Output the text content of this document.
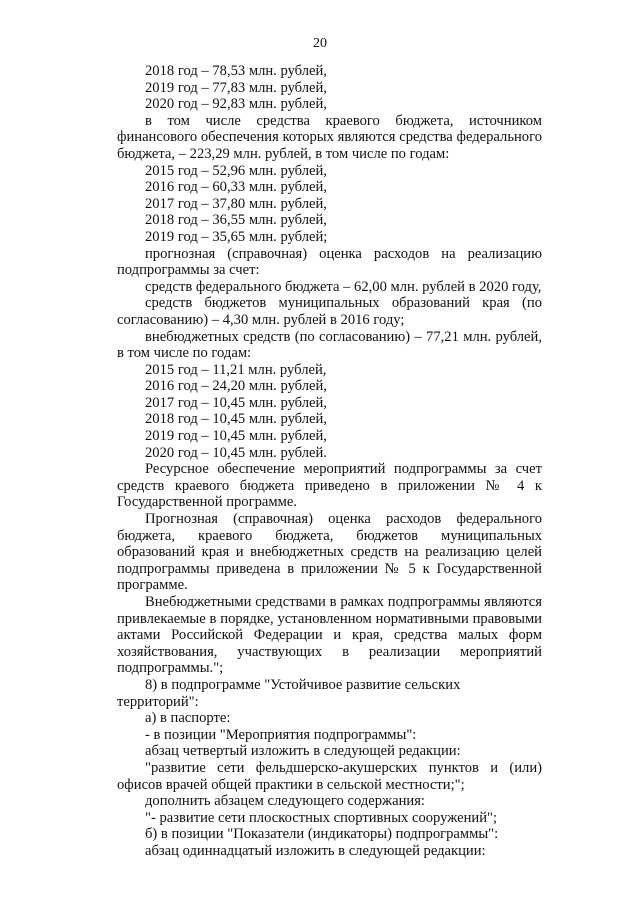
20

2018 год – 78,53 млн. рублей,

2019 год – 77,83 млн. рублей,

2020 год – 92,83 млн. рублей,

в том числе средства краевого бюджета, источником финансового обеспечения которых являются средства федерального бюджета, – 223,29 млн. рублей, в том числе по годам:

2015 год – 52,96 млн. рублей,

2016 год – 60,33 млн. рублей,

2017 год – 37,80 млн. рублей,

2018 год – 36,55 млн. рублей,

2019 год – 35,65 млн. рублей;

прогнозная (справочная) оценка расходов на реализацию подпрограммы за счет:

средств федерального бюджета – 62,00 млн. рублей в 2020 году,

средств бюджетов муниципальных образований края (по согласованию) – 4,30 млн. рублей в 2016 году;

внебюджетных средств (по согласованию) – 77,21 млн. рублей, в том числе по годам:

2015 год – 11,21 млн. рублей,

2016 год – 24,20 млн. рублей,

2017 год – 10,45 млн. рублей,

2018 год – 10,45 млн. рублей,

2019 год – 10,45 млн. рублей,

2020 год – 10,45 млн. рублей.

Ресурсное обеспечение мероприятий подпрограммы за счет средств краевого бюджета приведено в приложении № 4 к Государственной программе.

Прогнозная (справочная) оценка расходов федерального бюджета, краевого бюджета, бюджетов муниципальных образований края и внебюджетных средств на реализацию целей подпрограммы приведена в приложении № 5 к Государственной программе.

Внебюджетными средствами в рамках подпрограммы являются привлекаемые в порядке, установленном нормативными правовыми актами Российской Федерации и края, средства малых форм хозяйствования, участвующих в реализации мероприятий подпрограммы.";

8) в подпрограмме "Устойчивое развитие сельских территорий":

а) в паспорте:

- в позиции "Мероприятия подпрограммы":

абзац четвертый изложить в следующей редакции:

"развитие сети фельдшерско-акушерских пунктов и (или) офисов врачей общей практики в сельской местности;";

дополнить абзацем следующего содержания:

"- развитие сети плоскостных спортивных сооружений";

б) в позиции "Показатели (индикаторы) подпрограммы":

абзац одиннадцатый изложить в следующей редакции:
